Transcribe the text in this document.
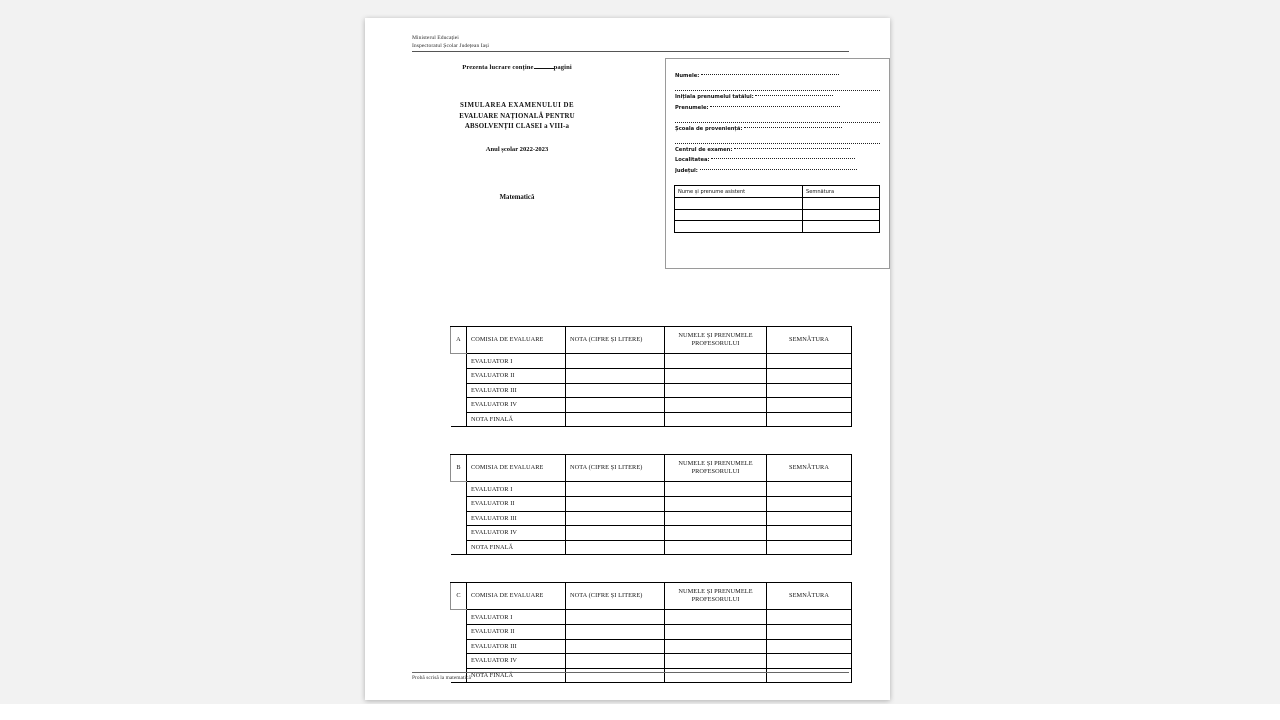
Ministerul Educației
Inspectoratul Școlar Județean Iași
Prezenta lucrare conține	pagini
SIMULAREA EXAMENULUI DE
EVALUARE NAȚIONALĂ PENTRU
ABSOLVENȚII CLASEI a VIII-a
Anul școlar 2022-2023
Matematică
Numele:
Inițiala prenumelui tatălui:
Prenumele:
Școala de proveniență:
Centrul de examen:
Localitatea:
Județul:
Nume și prenume asistent	Semnătura

A	COMISIA DE EVALUARE	NOTA (CIFRE ȘI LITERE)	NUMELE ȘI PRENUMELE PROFESORULUI	SEMNĂTURA
	EVALUATOR I			
	EVALUATOR II			
	EVALUATOR III			
	EVALUATOR IV			
	NOTA FINALĂ			
B	COMISIA DE EVALUARE	NOTA (CIFRE ȘI LITERE)	NUMELE ȘI PRENUMELE PROFESORULUI	SEMNĂTURA
	EVALUATOR I			
	EVALUATOR II			
	EVALUATOR III			
	EVALUATOR IV			
	NOTA FINALĂ			
C	COMISIA DE EVALUARE	NOTA (CIFRE ȘI LITERE)	NUMELE ȘI PRENUMELE PROFESORULUI	SEMNĂTURA
	EVALUATOR I			
	EVALUATOR II			
	EVALUATOR III			
	EVALUATOR IV			
	NOTA FINALĂ			
Probă scrisă la matematică
